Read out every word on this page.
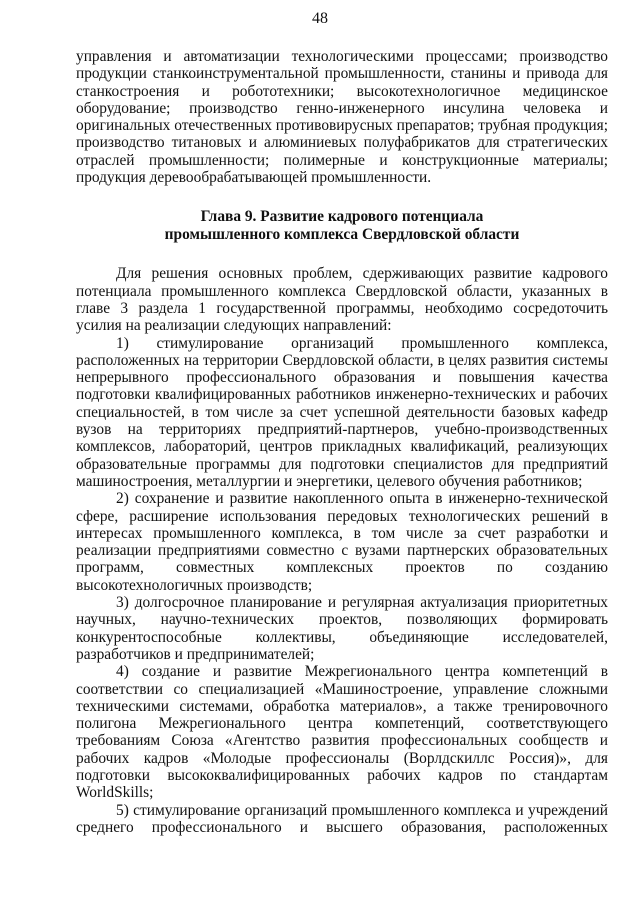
48

управления и автоматизации технологическими процессами; производство продукции станкоинструментальной промышленности, станины и привода для станкостроения и робототехники; высокотехнологичное медицинское оборудование; производство генно-инженерного инсулина человека и оригинальных отечественных противовирусных препаратов; трубная продукция; производство титановых и алюминиевых полуфабрикатов для стратегических отраслей промышленности; полимерные и конструкционные материалы; продукция деревообрабатывающей промышленности.

Глава 9. Развитие кадрового потенциала
промышленного комплекса Свердловской области

Для решения основных проблем, сдерживающих развитие кадрового потенциала промышленного комплекса Свердловской области, указанных в главе 3 раздела 1 государственной программы, необходимо сосредоточить усилия на реализации следующих направлений:

1) стимулирование организаций промышленного комплекса, расположенных на территории Свердловской области, в целях развития системы непрерывного профессионального образования и повышения качества подготовки квалифицированных работников инженерно-технических и рабочих специальностей, в том числе за счет успешной деятельности базовых кафедр вузов на территориях предприятий-партнеров, учебно-производственных комплексов, лабораторий, центров прикладных квалификаций, реализующих образовательные программы для подготовки специалистов для предприятий машиностроения, металлургии и энергетики, целевого обучения работников;

2) сохранение и развитие накопленного опыта в инженерно-технической сфере, расширение использования передовых технологических решений в интересах промышленного комплекса, в том числе за счет разработки и реализации предприятиями совместно с вузами партнерских образовательных программ, совместных комплексных проектов по созданию высокотехнологичных производств;

3) долгосрочное планирование и регулярная актуализация приоритетных научных, научно-технических проектов, позволяющих формировать конкурентоспособные коллективы, объединяющие исследователей, разработчиков и предпринимателей;

4) создание и развитие Межрегионального центра компетенций в соответствии со специализацией «Машиностроение, управление сложными техническими системами, обработка материалов», а также тренировочного полигона Межрегионального центра компетенций, соответствующего требованиям Союза «Агентство развития профессиональных сообществ и рабочих кадров «Молодые профессионалы (Ворлдскиллс Россия)», для подготовки высококвалифицированных рабочих кадров по стандартам WorldSkills;

5) стимулирование организаций промышленного комплекса и учреждений среднего профессионального и высшего образования, расположенных
